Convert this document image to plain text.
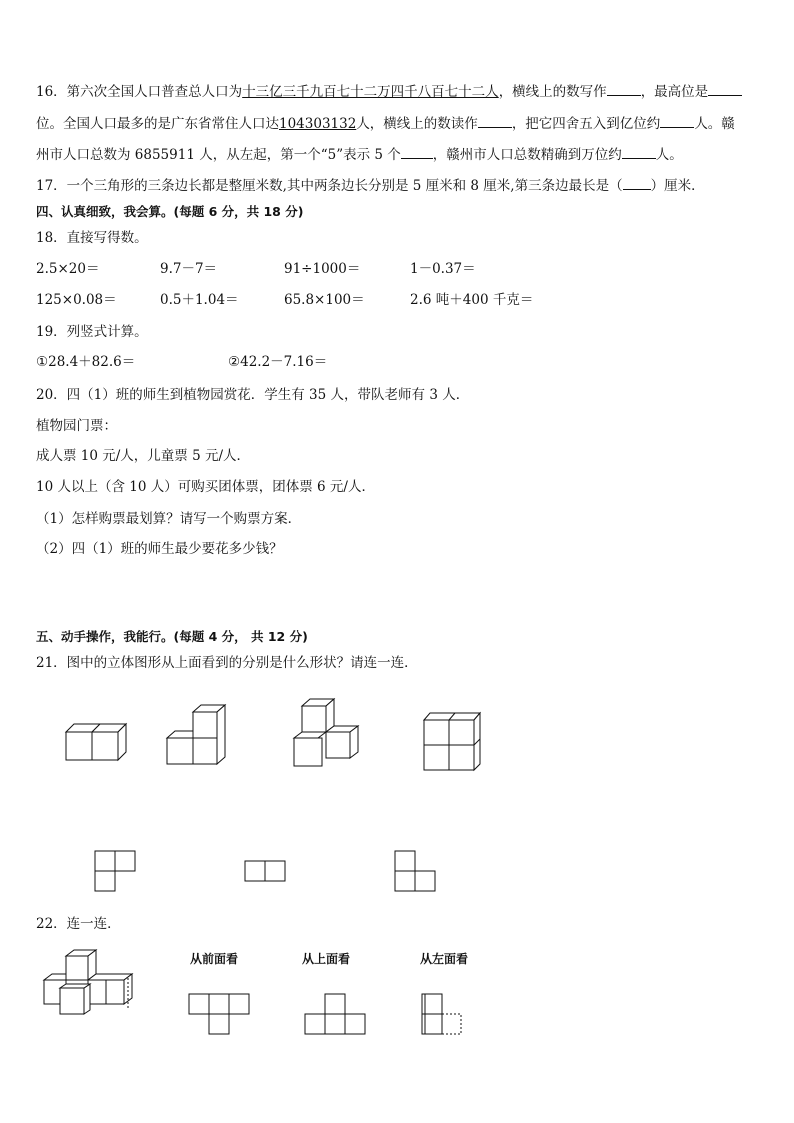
16．第六次全国人口普查总人口为十三亿三千九百七十二万四千八百七十二人，横线上的数写作	，最高位是
位。全国人口最多的是广东省常住人口达104303132人，横线上的数读作	，把它四舍五入到亿位约	人。赣
州市人口总数为 6855911 人，从左起，第一个“5”表示 5 个 ，赣州市人口总数精确到万位约	人。
17．一个三角形的三条边长都是整厘米数,其中两条边长分别是 5 厘米和 8 厘米,第三条边最长是（ ）厘米．
四、认真细致，我会算。(每题 6 分，共 18 分)
18．直接写得数。
2.5×20＝	9.7－7＝	91÷1000＝	1－0.37＝
125×0.08＝	0.5＋1.04＝	65.8×100＝	2.6 吨＋400 千克＝
19．列竖式计算。
①28.4＋82.6＝	②42.2－7.16＝
20．四（1）班的师生到植物园赏花．学生有 35 人，带队老师有 3 人．
植物园门票：
成人票 10 元/人，儿童票 5 元/人．
10 人以上（含 10 人）可购买团体票，团体票 6 元/人．
（1）怎样购票最划算？请写一个购票方案．
（2）四（1）班的师生最少要花多少钱？
五、动手操作，我能行。(每题 4 分， 共 12 分)
21．图中的立体图形从上面看到的分别是什么形状？请连一连．
22．连一连．
从前面看	从上面看	从左面看
